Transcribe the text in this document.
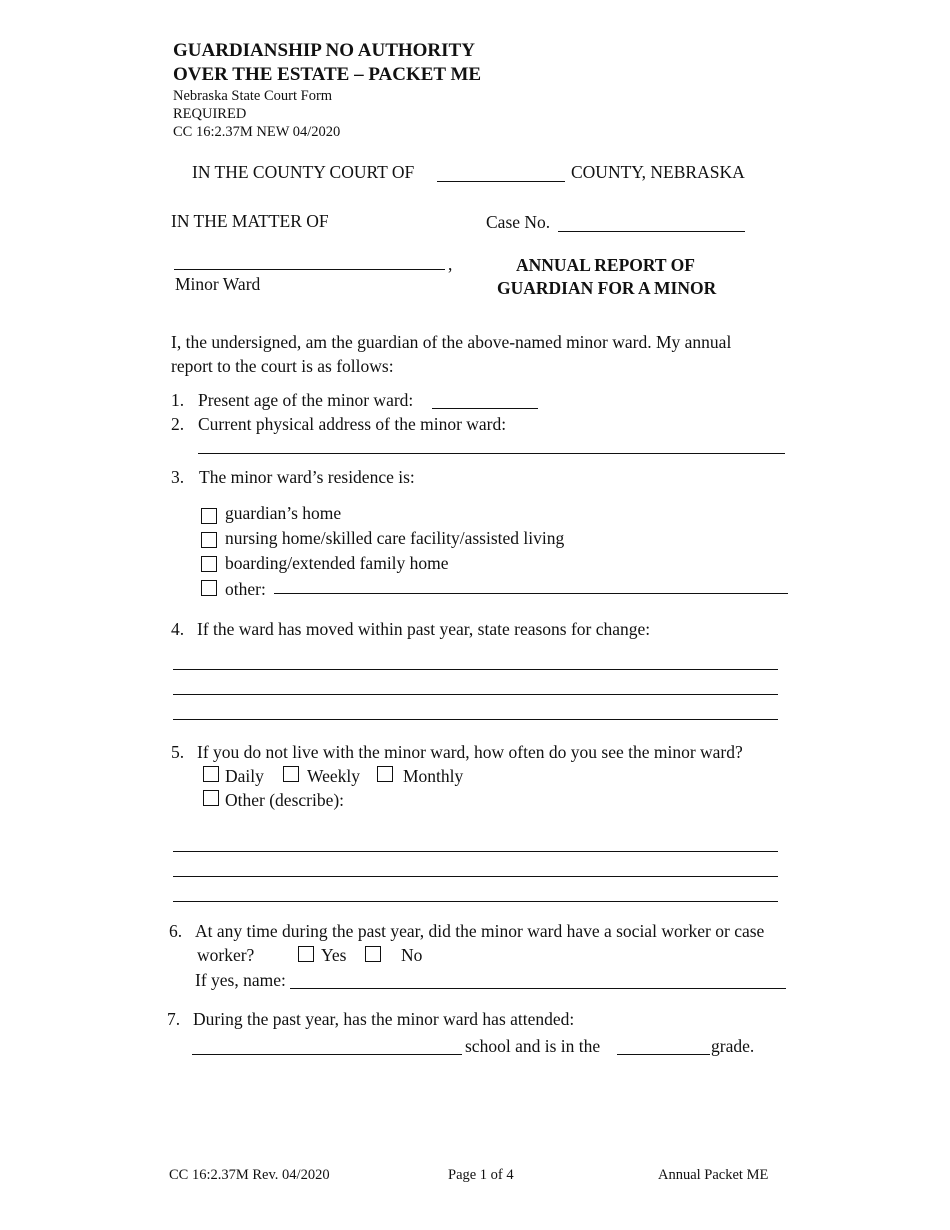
GUARDIANSHIP NO AUTHORITY
OVER THE ESTATE – PACKET ME
Nebraska State Court Form
REQUIRED
CC 16:2.37M NEW 04/2020
IN THE COUNTY COURT OF	COUNTY, NEBRASKA
IN THE MATTER OF	Case No.
,
Minor Ward
ANNUAL REPORT OF
GUARDIAN FOR A MINOR
I, the undersigned, am the guardian of the above-named minor ward. My annual
report to the court is as follows:
1. Present age of the minor ward:
2. Current physical address of the minor ward:
3. The minor ward’s residence is:
guardian’s home
nursing home/skilled care facility/assisted living
boarding/extended family home
other:
4. If the ward has moved within past year, state reasons for change:
5. If you do not live with the minor ward, how often do you see the minor ward?
Daily Weekly Monthly
Other (describe):
6. At any time during the past year, did the minor ward have a social worker or case
worker?	Yes	No
If yes, name:
7. During the past year, has the minor ward has attended:
school and is in the	grade.
CC 16:2.37M Rev. 04/2020	Page 1 of 4	Annual Packet ME
